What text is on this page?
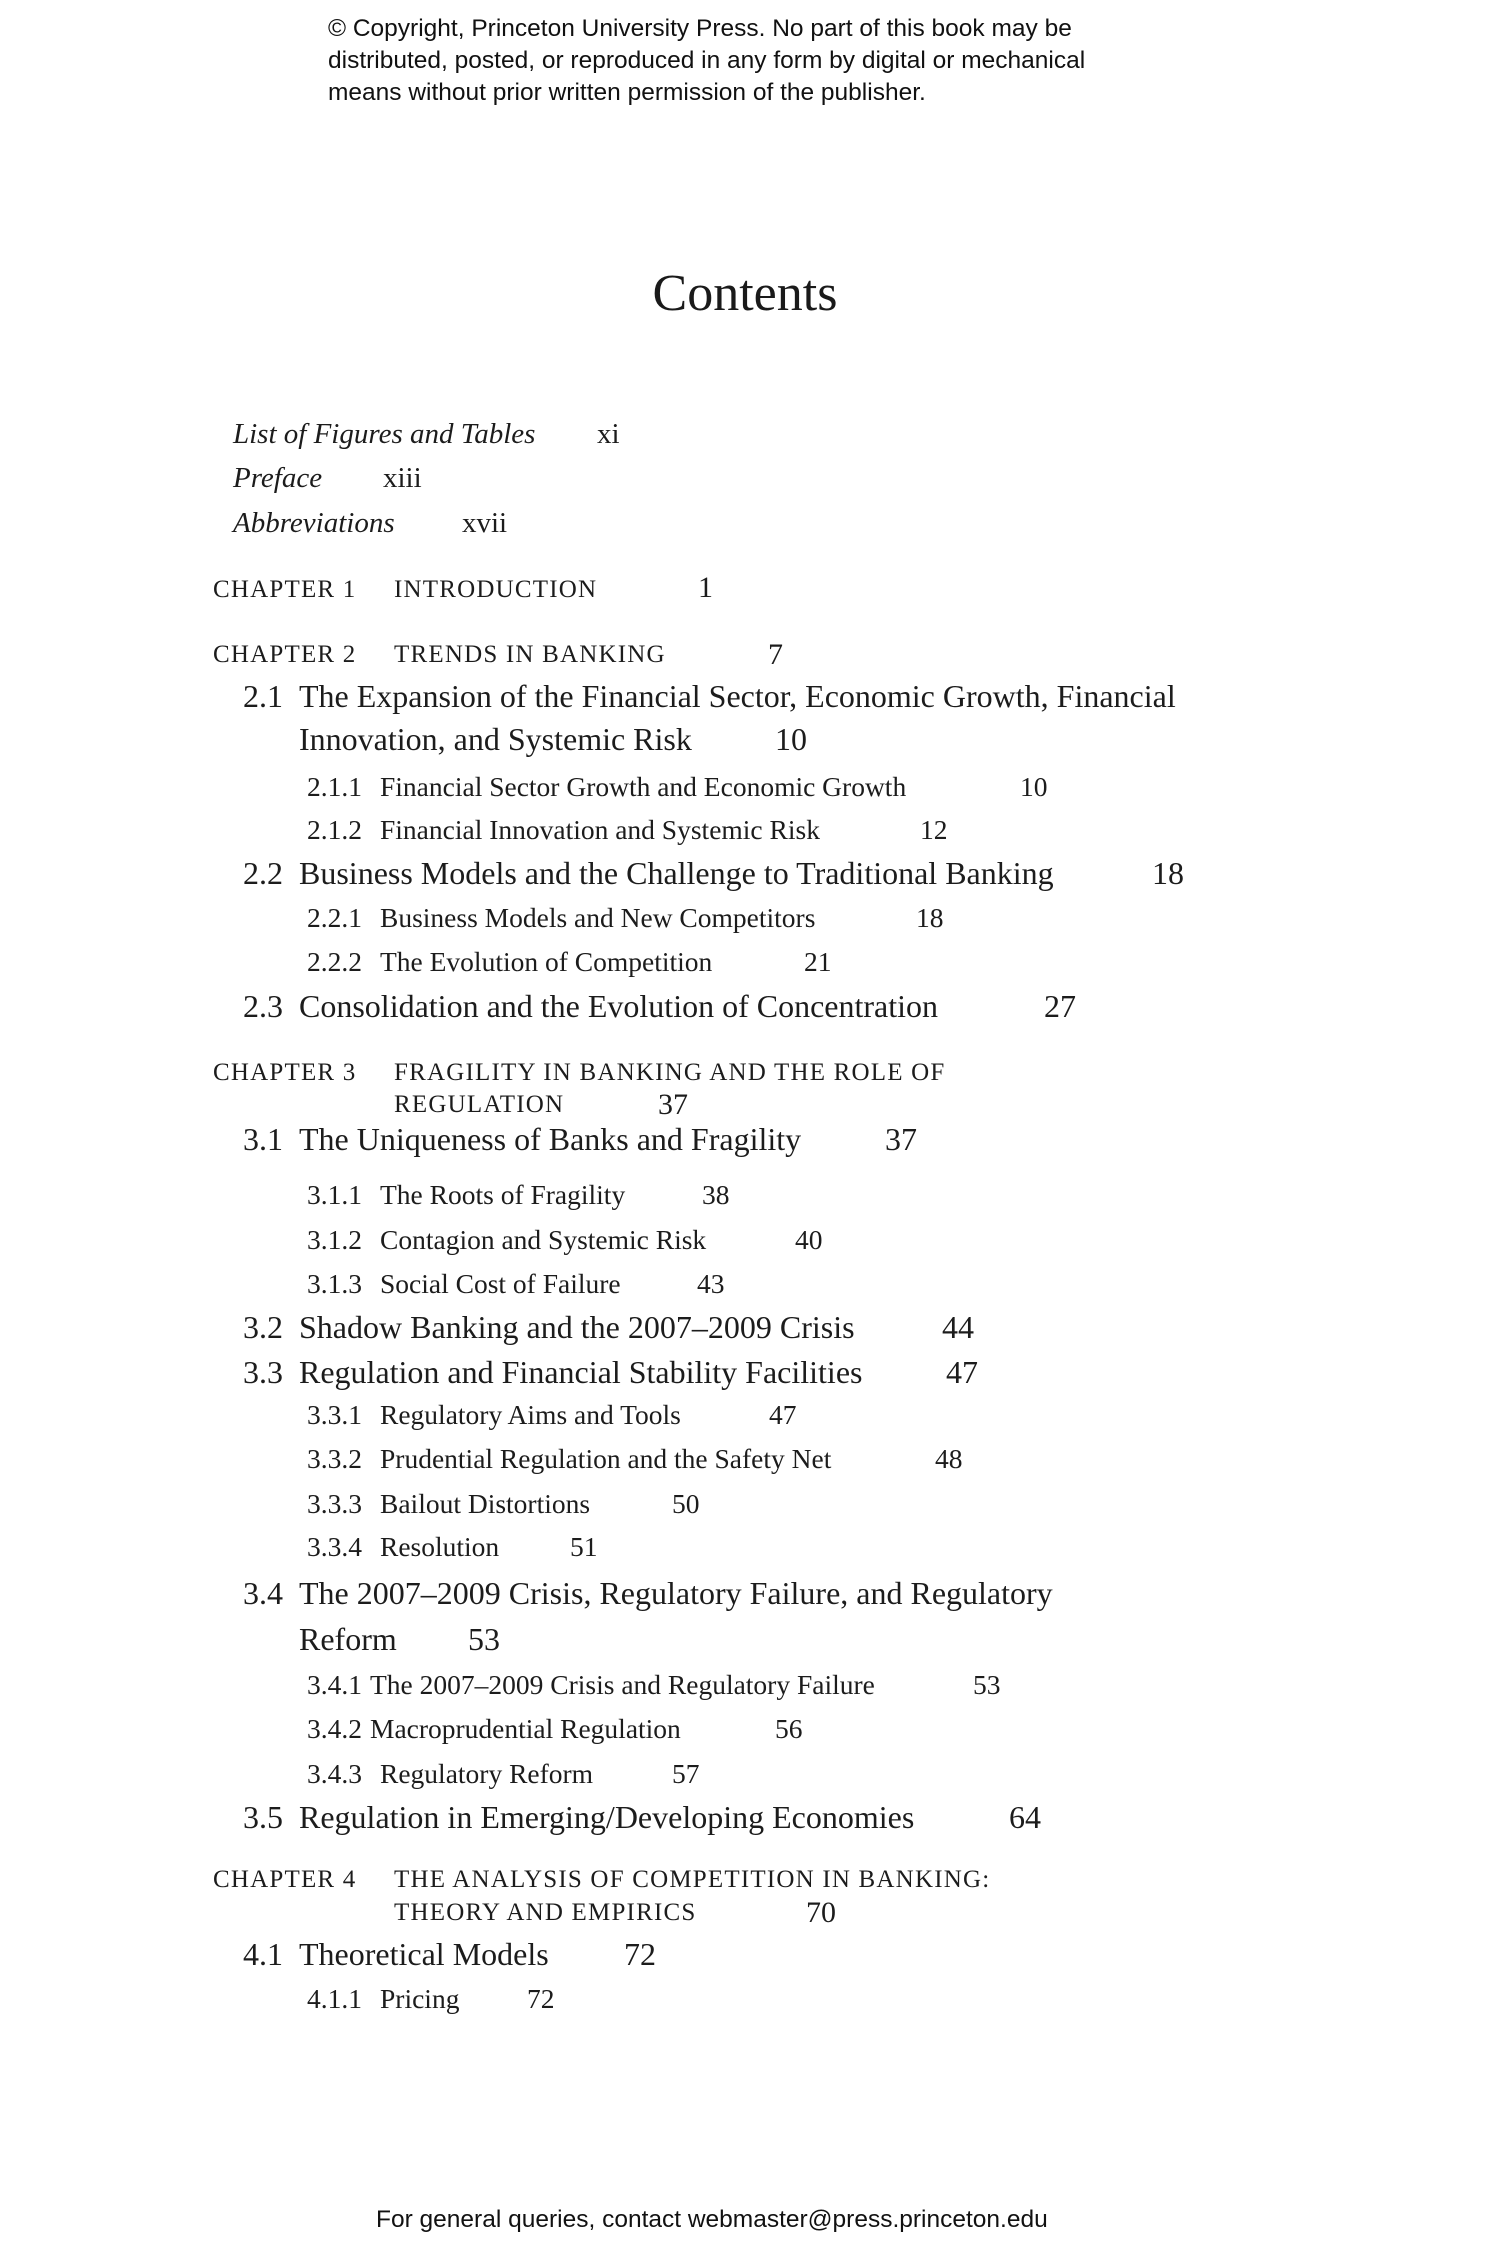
© Copyright, Princeton University Press. No part of this book may be
distributed, posted, or reproduced in any form by digital or mechanical
means without prior written permission of the publisher.
Contents
List of Figures and Tables xi
Preface xiii
Abbreviations xvii
CHAPTER 1 INTRODUCTION	1
CHAPTER 2 TRENDS IN BANKING	7
2.1 The Expansion of the Financial Sector, Economic Growth, Financial
Innovation, and Systemic Risk	10
2.1.1 Financial Sector Growth and Economic Growth	10
2.1.2 Financial Innovation and Systemic Risk	12
2.2 Business Models and the Challenge to Traditional Banking	18
2.2.1 Business Models and New Competitors	18
2.2.2 The Evolution of Competition	21
2.3 Consolidation and the Evolution of Concentration	27
CHAPTER 3 FRAGILITY IN BANKING AND THE ROLE OF
REGULATION	37
3.1 The Uniqueness of Banks and Fragility	37
3.1.1 The Roots of Fragility	38
3.1.2 Contagion and Systemic Risk	40
3.1.3 Social Cost of Failure	43
3.2 Shadow Banking and the 2007–2009 Crisis	44
3.3 Regulation and Financial Stability Facilities	47
3.3.1 Regulatory Aims and Tools	47
3.3.2 Prudential Regulation and the Safety Net	48
3.3.3 Bailout Distortions	50
3.3.4 Resolution	51
3.4 The 2007–2009 Crisis, Regulatory Failure, and Regulatory
Reform 53
3.4.1 The 2007–2009 Crisis and Regulatory Failure	53
3.4.2 Macroprudential Regulation	56
3.4.3 Regulatory Reform	57
3.5 Regulation in Emerging/Developing Economies	64
CHAPTER 4 THE ANALYSIS OF COMPETITION IN BANKING:
THEORY AND EMPIRICS	70
4.1 Theoretical Models 72
4.1.1 Pricing 72
For general queries, contact webmaster@press.princeton.edu
